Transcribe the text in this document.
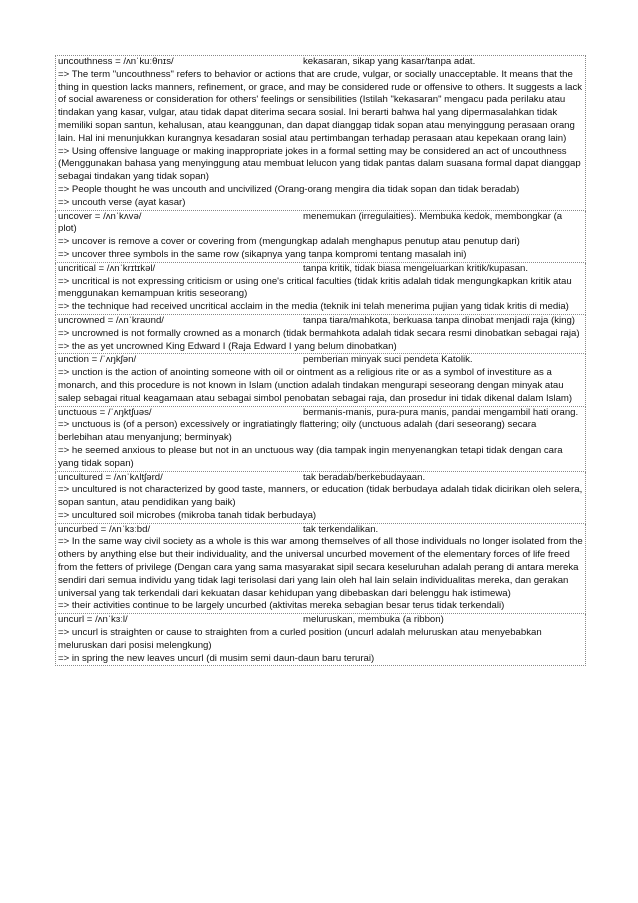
uncouthness = /ʌnˈkuːθnɪs/	kekasaran, sikap yang kasar/tanpa adat.
=> The term "uncouthness" refers to behavior or actions that are crude, vulgar, or socially unacceptable. It means that the thing in question lacks manners, refinement, or grace, and may be considered rude or offensive to others. It suggests a lack of social awareness or consideration for others' feelings or sensibilities (Istilah "kekasaran" mengacu pada perilaku atau tindakan yang kasar, vulgar, atau tidak dapat diterima secara sosial. Ini berarti bahwa hal yang dipermasalahkan tidak memiliki sopan santun, kehalusan, atau keanggunan, dan dapat dianggap tidak sopan atau menyinggung perasaan orang lain. Hal ini menunjukkan kurangnya kesadaran sosial atau pertimbangan terhadap perasaan atau kepekaan orang lain)
=> Using offensive language or making inappropriate jokes in a formal setting may be considered an act of uncouthness (Menggunakan bahasa yang menyinggung atau membuat lelucon yang tidak pantas dalam suasana formal dapat dianggap sebagai tindakan yang tidak sopan)
=> People thought he was uncouth and uncivilized (Orang-orang mengira dia tidak sopan dan tidak beradab)
=> uncouth verse (ayat kasar)
uncover = /ʌnˈkʌvə/	menemukan (irregulaities). Membuka kedok, membongkar (a plot)
=> uncover is remove a cover or covering from (mengungkap adalah menghapus penutup atau penutup dari)
=> uncover three symbols in the same row (sikapnya yang tanpa kompromi tentang masalah ini)
uncritical = /ʌnˈkrɪtɪkəl/	tanpa kritik, tidak biasa mengeluarkan kritik/kupasan.
=> uncritical is not expressing criticism or using one's critical faculties (tidak kritis adalah tidak mengungkapkan kritik atau menggunakan kemampuan kritis seseorang)
=> the technique had received uncritical acclaim in the media (teknik ini telah menerima pujian yang tidak kritis di media)
uncrowned = /ʌnˈkraʊnd/	tanpa tiara/mahkota, berkuasa tanpa dinobat menjadi raja (king)
=> uncrowned is not formally crowned as a monarch (tidak bermahkota adalah tidak secara resmi dinobatkan sebagai raja)
=> the as yet uncrowned King Edward I (Raja Edward I yang belum dinobatkan)
unction = /ˈʌŋkʃən/	pemberian minyak suci pendeta Katolik.
=> unction is the action of anointing someone with oil or ointment as a religious rite or as a symbol of investiture as a monarch, and this procedure is not known in Islam (unction adalah tindakan mengurapi seseorang dengan minyak atau salep sebagai ritual keagamaan atau sebagai simbol penobatan sebagai raja, dan prosedur ini tidak dikenal dalam Islam)
unctuous = /ˈʌŋktʃuəs/	bermanis-manis, pura-pura manis, pandai mengambil hati orang.
=> unctuous is (of a person) excessively or ingratiatingly flattering; oily (unctuous adalah (dari seseorang) secara berlebihan atau menyanjung; berminyak)
=> he seemed anxious to please but not in an unctuous way (dia tampak ingin menyenangkan tetapi tidak dengan cara yang tidak sopan)
uncultured = /ʌnˈkʌltʃərd/	tak beradab/berkebudayaan.
=> uncultured is not characterized by good taste, manners, or education (tidak berbudaya adalah tidak dicirikan oleh selera, sopan santun, atau pendidikan yang baik)
=> uncultured soil microbes (mikroba tanah tidak berbudaya)
uncurbed = /ʌnˈkɜːbd/	tak terkendalikan.
=> In the same way civil society as a whole is this war among themselves of all those individuals no longer isolated from the others by anything else but their individuality, and the universal uncurbed movement of the elementary forces of life freed from the fetters of privilege (Dengan cara yang sama masyarakat sipil secara keseluruhan adalah perang di antara mereka sendiri dari semua individu yang tidak lagi terisolasi dari yang lain oleh hal lain selain individualitas mereka, dan gerakan universal yang tak terkendali dari kekuatan dasar kehidupan yang dibebaskan dari belenggu hak istimewa)
=> their activities continue to be largely uncurbed (aktivitas mereka sebagian besar terus tidak terkendali)
uncurl = /ʌnˈkɜːl/	meluruskan, membuka (a ribbon)
=> uncurl is straighten or cause to straighten from a curled position (uncurl adalah meluruskan atau menyebabkan meluruskan dari posisi melengkung)
=> in spring the new leaves uncurl (di musim semi daun-daun baru terurai)
